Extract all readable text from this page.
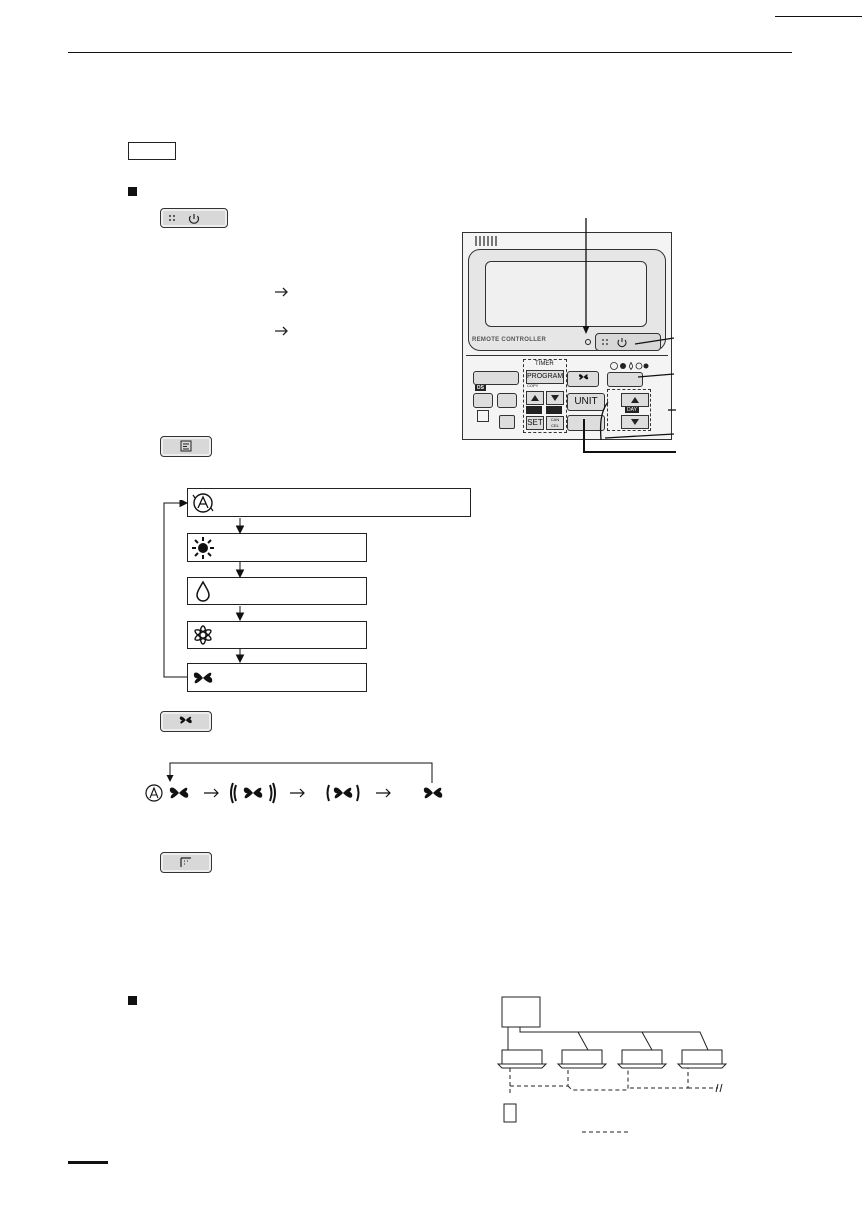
REMOTE CONTROLLER
DS
TIMER
PROGRAM
COPY
SET	CAN CEL
UNIT
DAY
